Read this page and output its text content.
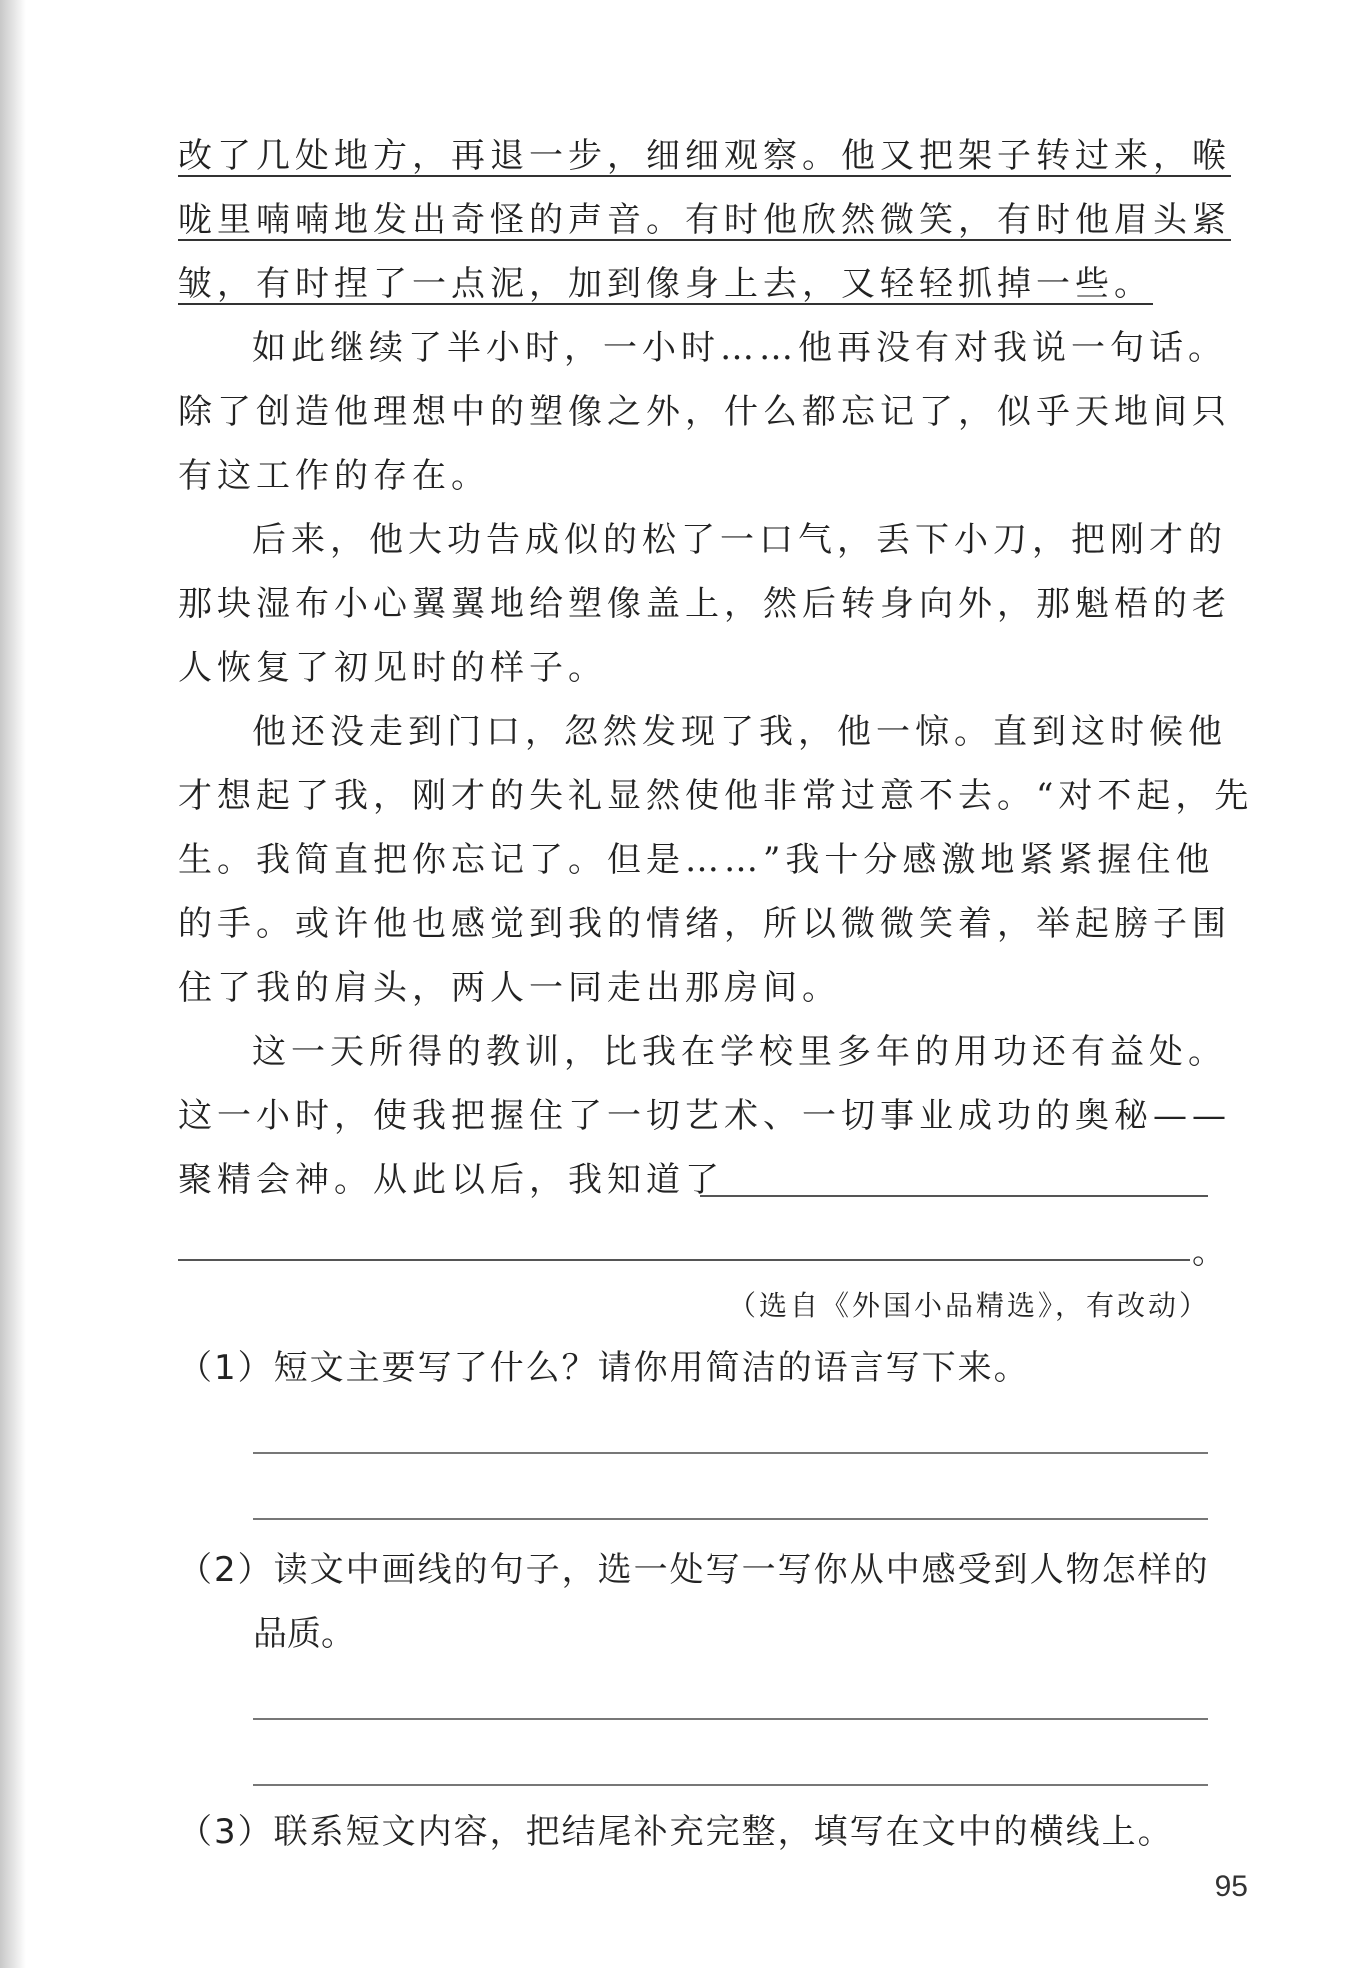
改了几处地方，再退一步，细细观察。他又把架子转过来，喉
咙里喃喃地发出奇怪的声音。有时他欣然微笑，有时他眉头紧
皱，有时捏了一点泥，加到像身上去，又轻轻抓掉一些。
如此继续了半小时，一小时……他再没有对我说一句话。
除了创造他理想中的塑像之外，什么都忘记了，似乎天地间只
有这工作的存在。
后来，他大功告成似的松了一口气，丢下小刀，把刚才的
那块湿布小心翼翼地给塑像盖上，然后转身向外，那魁梧的老
人恢复了初见时的样子。
他还没走到门口，忽然发现了我，他一惊。直到这时候他
才想起了我，刚才的失礼显然使他非常过意不去。“对不起，先
生。我简直把你忘记了。但是……”我十分感激地紧紧握住他
的手。或许他也感觉到我的情绪，所以微微笑着，举起膀子围
住了我的肩头，两人一同走出那房间。
这一天所得的教训，比我在学校里多年的用功还有益处。
这一小时，使我把握住了一切艺术、一切事业成功的奥秘——
聚精会神。从此以后，我知道了
。
（选自《外国小品精选》，有改动）
（1）短文主要写了什么？请你用简洁的语言写下来。
（2）读文中画线的句子，选一处写一写你从中感受到人物怎样的
品质。
（3）联系短文内容，把结尾补充完整，填写在文中的横线上。
95
